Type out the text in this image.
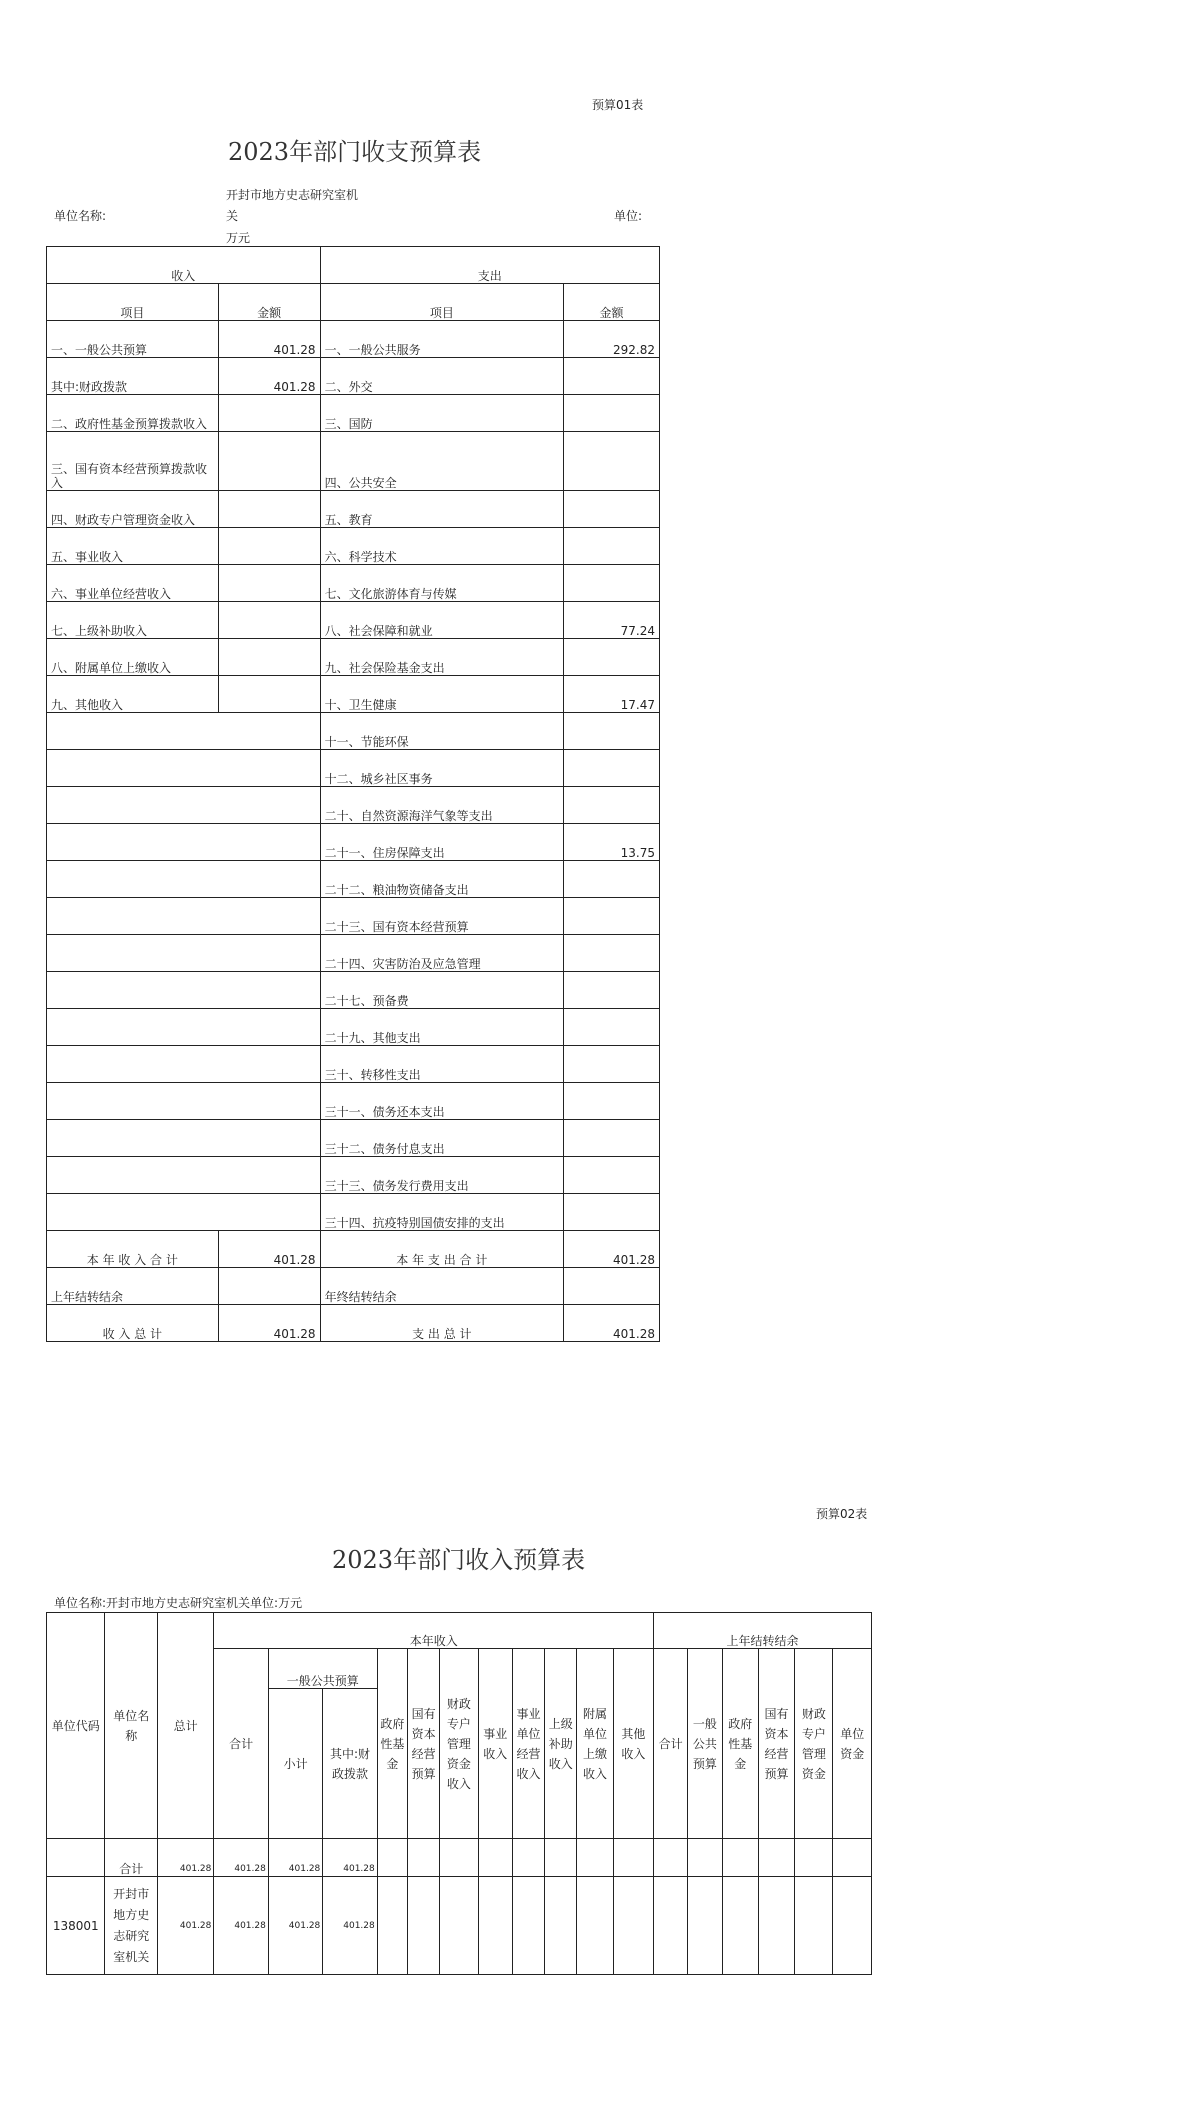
预算01表
2023年部门收支预算表
开封市地方史志研究室机
单位名称:	关	单位:
万元
收入		支出	
项目	金额	项目	金额
一、一般公共预算	401.28	一、一般公共服务	292.82
其中:财政拨款	401.28	二、外交	
二、政府性基金预算拨款收入		三、国防	
三、国有资本经营预算拨款收入		四、公共安全	
四、财政专户管理资金收入		五、教育	
五、事业收入		六、科学技术	
六、事业单位经营收入		七、文化旅游体育与传媒	
七、上级补助收入		八、社会保障和就业	77.24
八、附属单位上缴收入		九、社会保险基金支出	
九、其他收入		十、卫生健康	17.47
		十一、节能环保	
		十二、城乡社区事务	
		二十、自然资源海洋气象等支出	
		二十一、住房保障支出	13.75
		二十二、粮油物资储备支出	
		二十三、国有资本经营预算	
		二十四、灾害防治及应急管理	
		二十七、预备费	
		二十九、其他支出	
		三十、转移性支出	
		三十一、债务还本支出	
		三十二、债务付息支出	
		三十三、债务发行费用支出	
		三十四、抗疫特别国债安排的支出	
本 年 收 入 合 计	401.28	本 年 支 出 合 计	401.28
上年结转结余		年终结转结余	
收 入 总 计	401.28	支 出 总 计	401.28
预算02表
2023年部门收入预算表
单位名称:开封市地方史志研究室机关单位:万元
单位代码	单位名称	总计	本年收入											上年结转结余					
			合计	一般公共预算		政府性基金	国有资本经营预算	财政专户管理资金收入	事业收入	事业单位经营收入	上级补助收入	附属单位上缴收入	其他收入	合计	一般公共预算	政府性基金	国有资本经营预算	财政专户管理资金	单位资金
				小计	其中:财政拨款														
	合计	401.28	401.28	401.28	401.28														
138001	开封市地方史志研究室机关	401.28	401.28	401.28	401.28														
